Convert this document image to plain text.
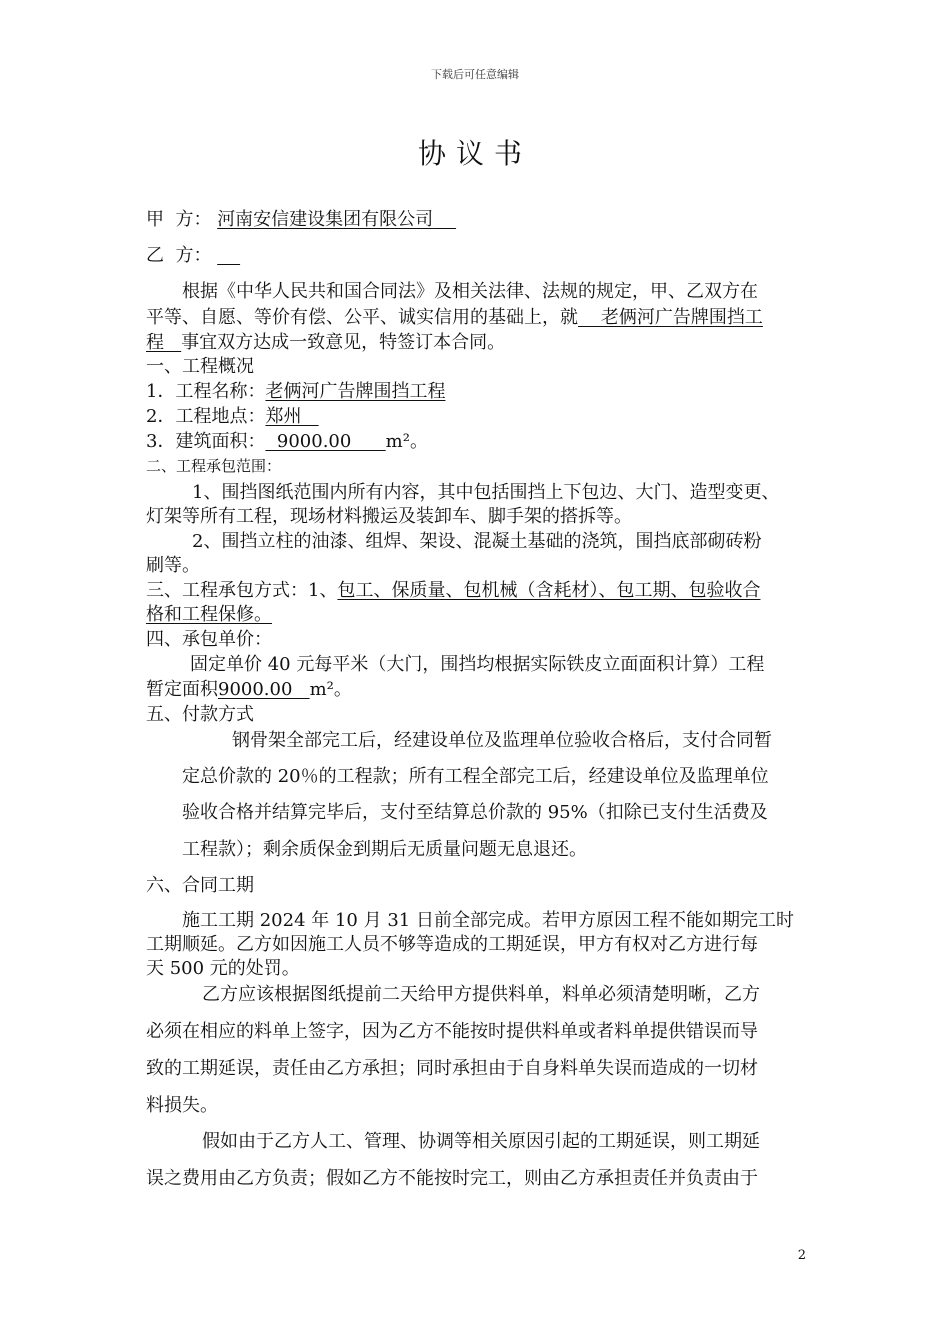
下载后可任意编辑
协议书
甲  方： 河南安信建设集团有限公司
乙  方：
根据《中华人民共和国合同法》及相关法律、法规的规定，甲、乙双方在
平等、自愿、等价有偿、公平、诚实信用的基础上，就    老俩河广告牌围挡工
程   事宜双方达成一致意见，特签订本合同。
一、工程概况
1．工程名称：老俩河广告牌围挡工程
2．工程地点：郑州
3．建筑面积：  9000.00      m²。
二、工程承包范围：
1、围挡图纸范围内所有内容，其中包括围挡上下包边、大门、造型变更、
灯架等所有工程，现场材料搬运及装卸车、脚手架的搭拆等。
2、围挡立柱的油漆、组焊、架设、混凝土基础的浇筑，围挡底部砌砖粉
刷等。
三、工程承包方式：1、包工、保质量、包机械（含耗材）、包工期、包验收合
格和工程保修。
四、承包单价：
固定单价 40 元每平米（大门，围挡均根据实际铁皮立面面积计算）工程
暂定面积9000.00   m²。
五、付款方式
钢骨架全部完工后，经建设单位及监理单位验收合格后，支付合同暂
定总价款的 20％的工程款；所有工程全部完工后，经建设单位及监理单位
验收合格并结算完毕后，支付至结算总价款的 95%（扣除已支付生活费及
工程款）；剩余质保金到期后无质量问题无息退还。
六、合同工期
施工工期 2024 年 10 月 31 日前全部完成。若甲方原因工程不能如期完工时
工期顺延。乙方如因施工人员不够等造成的工期延误，甲方有权对乙方进行每
天 500 元的处罚。
乙方应该根据图纸提前二天给甲方提供料单，料单必须清楚明晰，乙方
必须在相应的料单上签字，因为乙方不能按时提供料单或者料单提供错误而导
致的工期延误，责任由乙方承担；同时承担由于自身料单失误而造成的一切材
料损失。
假如由于乙方人工、管理、协调等相关原因引起的工期延误，则工期延
误之费用由乙方负责；假如乙方不能按时完工，则由乙方承担责任并负责由于
2
